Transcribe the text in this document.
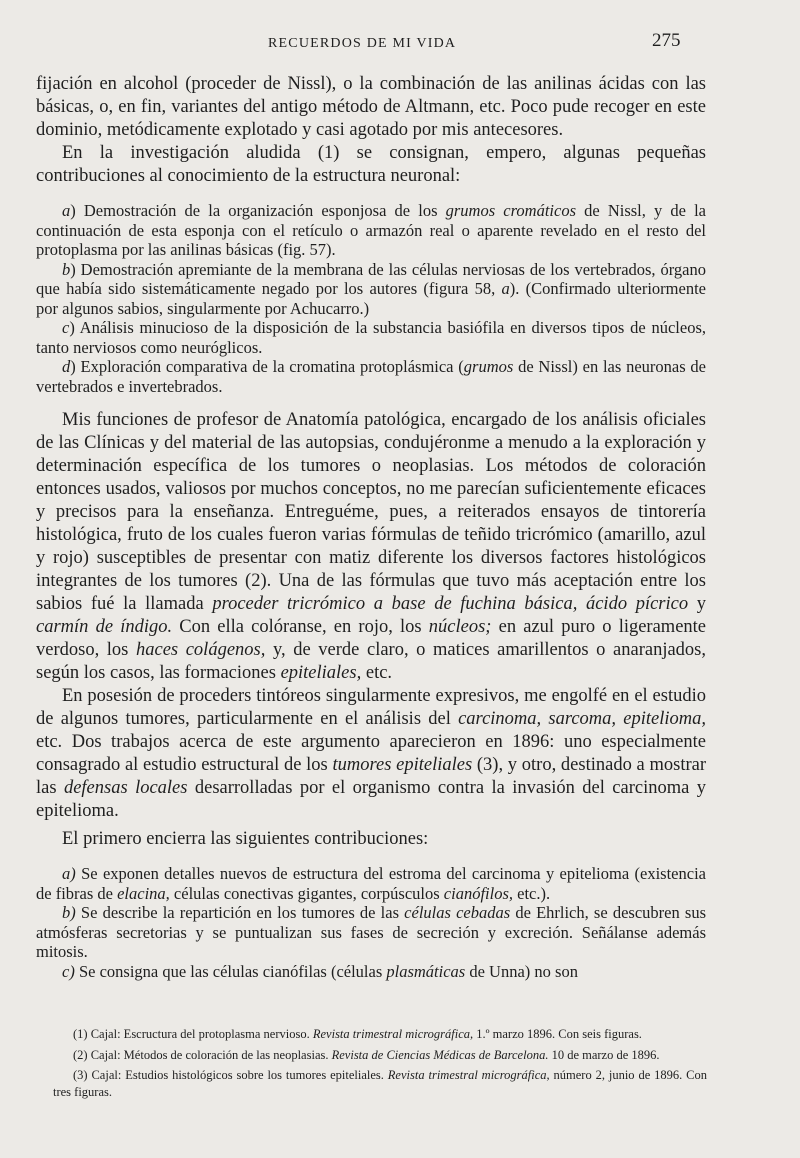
RECUERDOS DE MI VIDA	275

fijación en alcohol (proceder de Nissl), o la combinación de las anilinas ácidas con las básicas, o, en fin, variantes del antigo método de Altmann, etc. Poco pude recoger en este dominio, metódicamente explotado y casi agotado por mis antecesores.

En la investigación aludida (1) se consignan, empero, algunas pequeñas contribuciones al conocimiento de la estructura neuronal:

a) Demostración de la organización esponjosa de los grumos cromáticos de Nissl, y de la continuación de esta esponja con el retículo o armazón real o aparente revelado en el resto del protoplasma por las anilinas básicas (fig. 57).

b) Demostración apremiante de la membrana de las células nerviosas de los vertebrados, órgano que había sido sistemáticamente negado por los autores (figura 58, a). (Confirmado ulteriormente por algunos sabios, singularmente por Achucarro.)

c) Análisis minucioso de la disposición de la substancia basiófila en diversos tipos de núcleos, tanto nerviosos como neuróglicos.

d) Exploración comparativa de la cromatina protoplásmica (grumos de Nissl) en las neuronas de vertebrados e invertebrados.

Mis funciones de profesor de Anatomía patológica, encargado de los análisis oficiales de las Clínicas y del material de las autopsias, condujéronme a menudo a la exploración y determinación específica de los tumores o neoplasias. Los métodos de coloración entonces usados, valiosos por muchos conceptos, no me parecían suficientemente eficaces y precisos para la enseñanza. Entreguéme, pues, a reiterados ensayos de tintorería histológica, fruto de los cuales fueron varias fórmulas de teñido tricrómico (amarillo, azul y rojo) susceptibles de presentar con matiz diferente los diversos factores histológicos integrantes de los tumores (2). Una de las fórmulas que tuvo más aceptación entre los sabios fué la llamada proceder tricrómico a base de fuchina básica, ácido pícrico y carmín de índigo. Con ella colóranse, en rojo, los núcleos; en azul puro o ligeramente verdoso, los haces colágenos, y, de verde claro, o matices amarillentos o anaranjados, según los casos, las formaciones epiteliales, etc.

En posesión de proceders tintóreos singularmente expresivos, me engolfé en el estudio de algunos tumores, particularmente en el análisis del carcinoma, sarcoma, epitelioma, etc. Dos trabajos acerca de este argumento aparecieron en 1896: uno especialmente consagrado al estudio estructural de los tumores epiteliales (3), y otro, destinado a mostrar las defensas locales desarrolladas por el organismo contra la invasión del carcinoma y epitelioma.

El primero encierra las siguientes contribuciones:

a) Se exponen detalles nuevos de estructura del estroma del carcinoma y epitelioma (existencia de fibras de elacina, células conectivas gigantes, corpúsculos cianófilos, etc.).

b) Se describe la repartición en los tumores de las células cebadas de Ehrlich, se descubren sus atmósferas secretorias y se puntualizan sus fases de secreción y excreción. Señálanse además mitosis.

c) Se consigna que las células cianófilas (células plasmáticas de Unna) no son

(1) Cajal: Escructura del protoplasma nervioso. Revista trimestral micrográfica, 1.º marzo 1896. Con seis figuras.

(2) Cajal: Métodos de coloración de las neoplasias. Revista de Ciencias Médicas de Barcelona. 10 de marzo de 1896.

(3) Cajal: Estudios histológicos sobre los tumores epiteliales. Revista trimestral micrográfica, número 2, junio de 1896. Con tres figuras.
